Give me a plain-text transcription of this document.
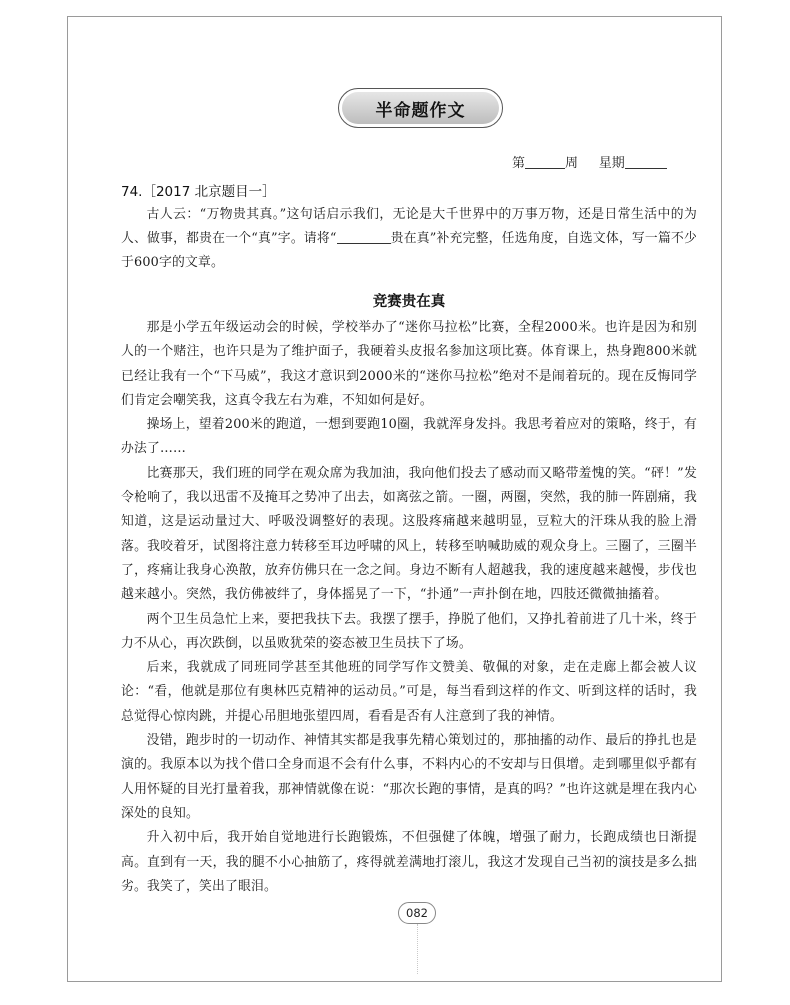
半命题作文
第	周 星期
74.［2017 北京题目一］

古人云：“万物贵其真。”这句话启示我们，无论是大千世界中的万事万物，还是日常生活中的为人、做事，都贵在一个“真”字。请将“	贵在真”补充完整，任选角度，自选文体，写一篇不少于600字的文章。

竞赛贵在真

那是小学五年级运动会的时候，学校举办了“迷你马拉松”比赛，全程2000米。也许是因为和别人的一个赌注，也许只是为了维护面子，我硬着头皮报名参加这项比赛。体育课上，热身跑800米就已经让我有一个“下马威”，我这才意识到2000米的“迷你马拉松”绝对不是闹着玩的。现在反悔同学们肯定会嘲笑我，这真令我左右为难，不知如何是好。

操场上，望着200米的跑道，一想到要跑10圈，我就浑身发抖。我思考着应对的策略，终于，有办法了……

比赛那天，我们班的同学在观众席为我加油，我向他们投去了感动而又略带羞愧的笑。“砰！”发令枪响了，我以迅雷不及掩耳之势冲了出去，如离弦之箭。一圈，两圈，突然，我的肺一阵剧痛，我知道，这是运动量过大、呼吸没调整好的表现。这股疼痛越来越明显，豆粒大的汗珠从我的脸上滑落。我咬着牙，试图将注意力转移至耳边呼啸的风上，转移至呐喊助威的观众身上。三圈了，三圈半了，疼痛让我身心涣散，放弃仿佛只在一念之间。身边不断有人超越我，我的速度越来越慢，步伐也越来越小。突然，我仿佛被绊了，身体摇晃了一下，“扑通”一声扑倒在地，四肢还微微抽搐着。

两个卫生员急忙上来，要把我扶下去。我摆了摆手，挣脱了他们，又挣扎着前进了几十米，终于力不从心，再次跌倒，以虽败犹荣的姿态被卫生员扶下了场。

后来，我就成了同班同学甚至其他班的同学写作文赞美、敬佩的对象，走在走廊上都会被人议论：“看，他就是那位有奥林匹克精神的运动员。”可是，每当看到这样的作文、听到这样的话时，我总觉得心惊肉跳，并提心吊胆地张望四周，看看是否有人注意到了我的神情。

没错，跑步时的一切动作、神情其实都是我事先精心策划过的，那抽搐的动作、最后的挣扎也是演的。我原本以为找个借口全身而退不会有什么事，不料内心的不安却与日俱增。走到哪里似乎都有人用怀疑的目光打量着我，那神情就像在说：“那次长跑的事情，是真的吗？”也许这就是埋在我内心深处的良知。

升入初中后，我开始自觉地进行长跑锻炼，不但强健了体魄，增强了耐力，长跑成绩也日渐提高。直到有一天，我的腿不小心抽筋了，疼得就差满地打滚儿，我这才发现自己当初的演技是多么拙劣。我笑了，笑出了眼泪。

082
